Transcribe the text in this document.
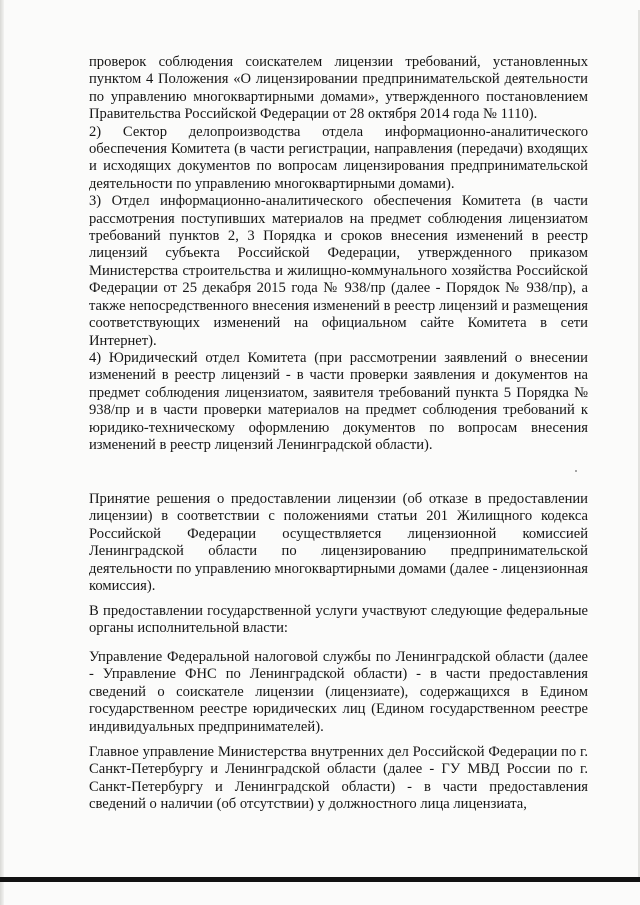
проверок соблюдения соискателем лицензии требований, установленных пунктом 4 Положения «О лицензировании предпринимательской деятельности по управлению многоквартирными домами», утвержденного постановлением Правительства Российской Федерации от 28 октября 2014 года № 1110).

2) Сектор делопроизводства отдела информационно-аналитического обеспечения Комитета (в части регистрации, направления (передачи) входящих и исходящих документов по вопросам лицензирования предпринимательской деятельности по управлению многоквартирными домами).

3) Отдел информационно-аналитического обеспечения Комитета (в части рассмотрения поступивших материалов на предмет соблюдения лицензиатом требований пунктов 2, 3 Порядка и сроков внесения изменений в реестр лицензий субъекта Российской Федерации, утвержденного приказом Министерства строительства и жилищно-коммунального хозяйства Российской Федерации от 25 декабря 2015 года № 938/пр (далее - Порядок № 938/пр), а также непосредственного внесения изменений в реестр лицензий и размещения соответствующих изменений на официальном сайте Комитета в сети Интернет).

4) Юридический отдел Комитета (при рассмотрении заявлений о внесении изменений в реестр лицензий - в части проверки заявления и документов на предмет соблюдения лицензиатом, заявителя требований пункта 5 Порядка № 938/пр и в части проверки материалов на предмет соблюдения требований к юридико-техническому оформлению документов по вопросам внесения изменений в реестр лицензий Ленинградской области).

Принятие решения о предоставлении лицензии (об отказе в предоставлении лицензии) в соответствии с положениями статьи 201 Жилищного кодекса Российской Федерации осуществляется лицензионной комиссией Ленинградской области по лицензированию предпринимательской деятельности по управлению многоквартирными домами (далее - лицензионная комиссия).

В предоставлении государственной услуги участвуют следующие федеральные органы исполнительной власти:

Управление Федеральной налоговой службы по Ленинградской области (далее - Управление ФНС по Ленинградской области) - в части предоставления сведений о соискателе лицензии (лицензиате), содержащихся в Едином государственном реестре юридических лиц (Едином государственном реестре индивидуальных предпринимателей).

Главное управление Министерства внутренних дел Российской Федерации по г. Санкт-Петербургу и Ленинградской области (далее - ГУ МВД России по г. Санкт-Петербургу и Ленинградской области) - в части предоставления сведений о наличии (об отсутствии) у должностного лица лицензиата,
